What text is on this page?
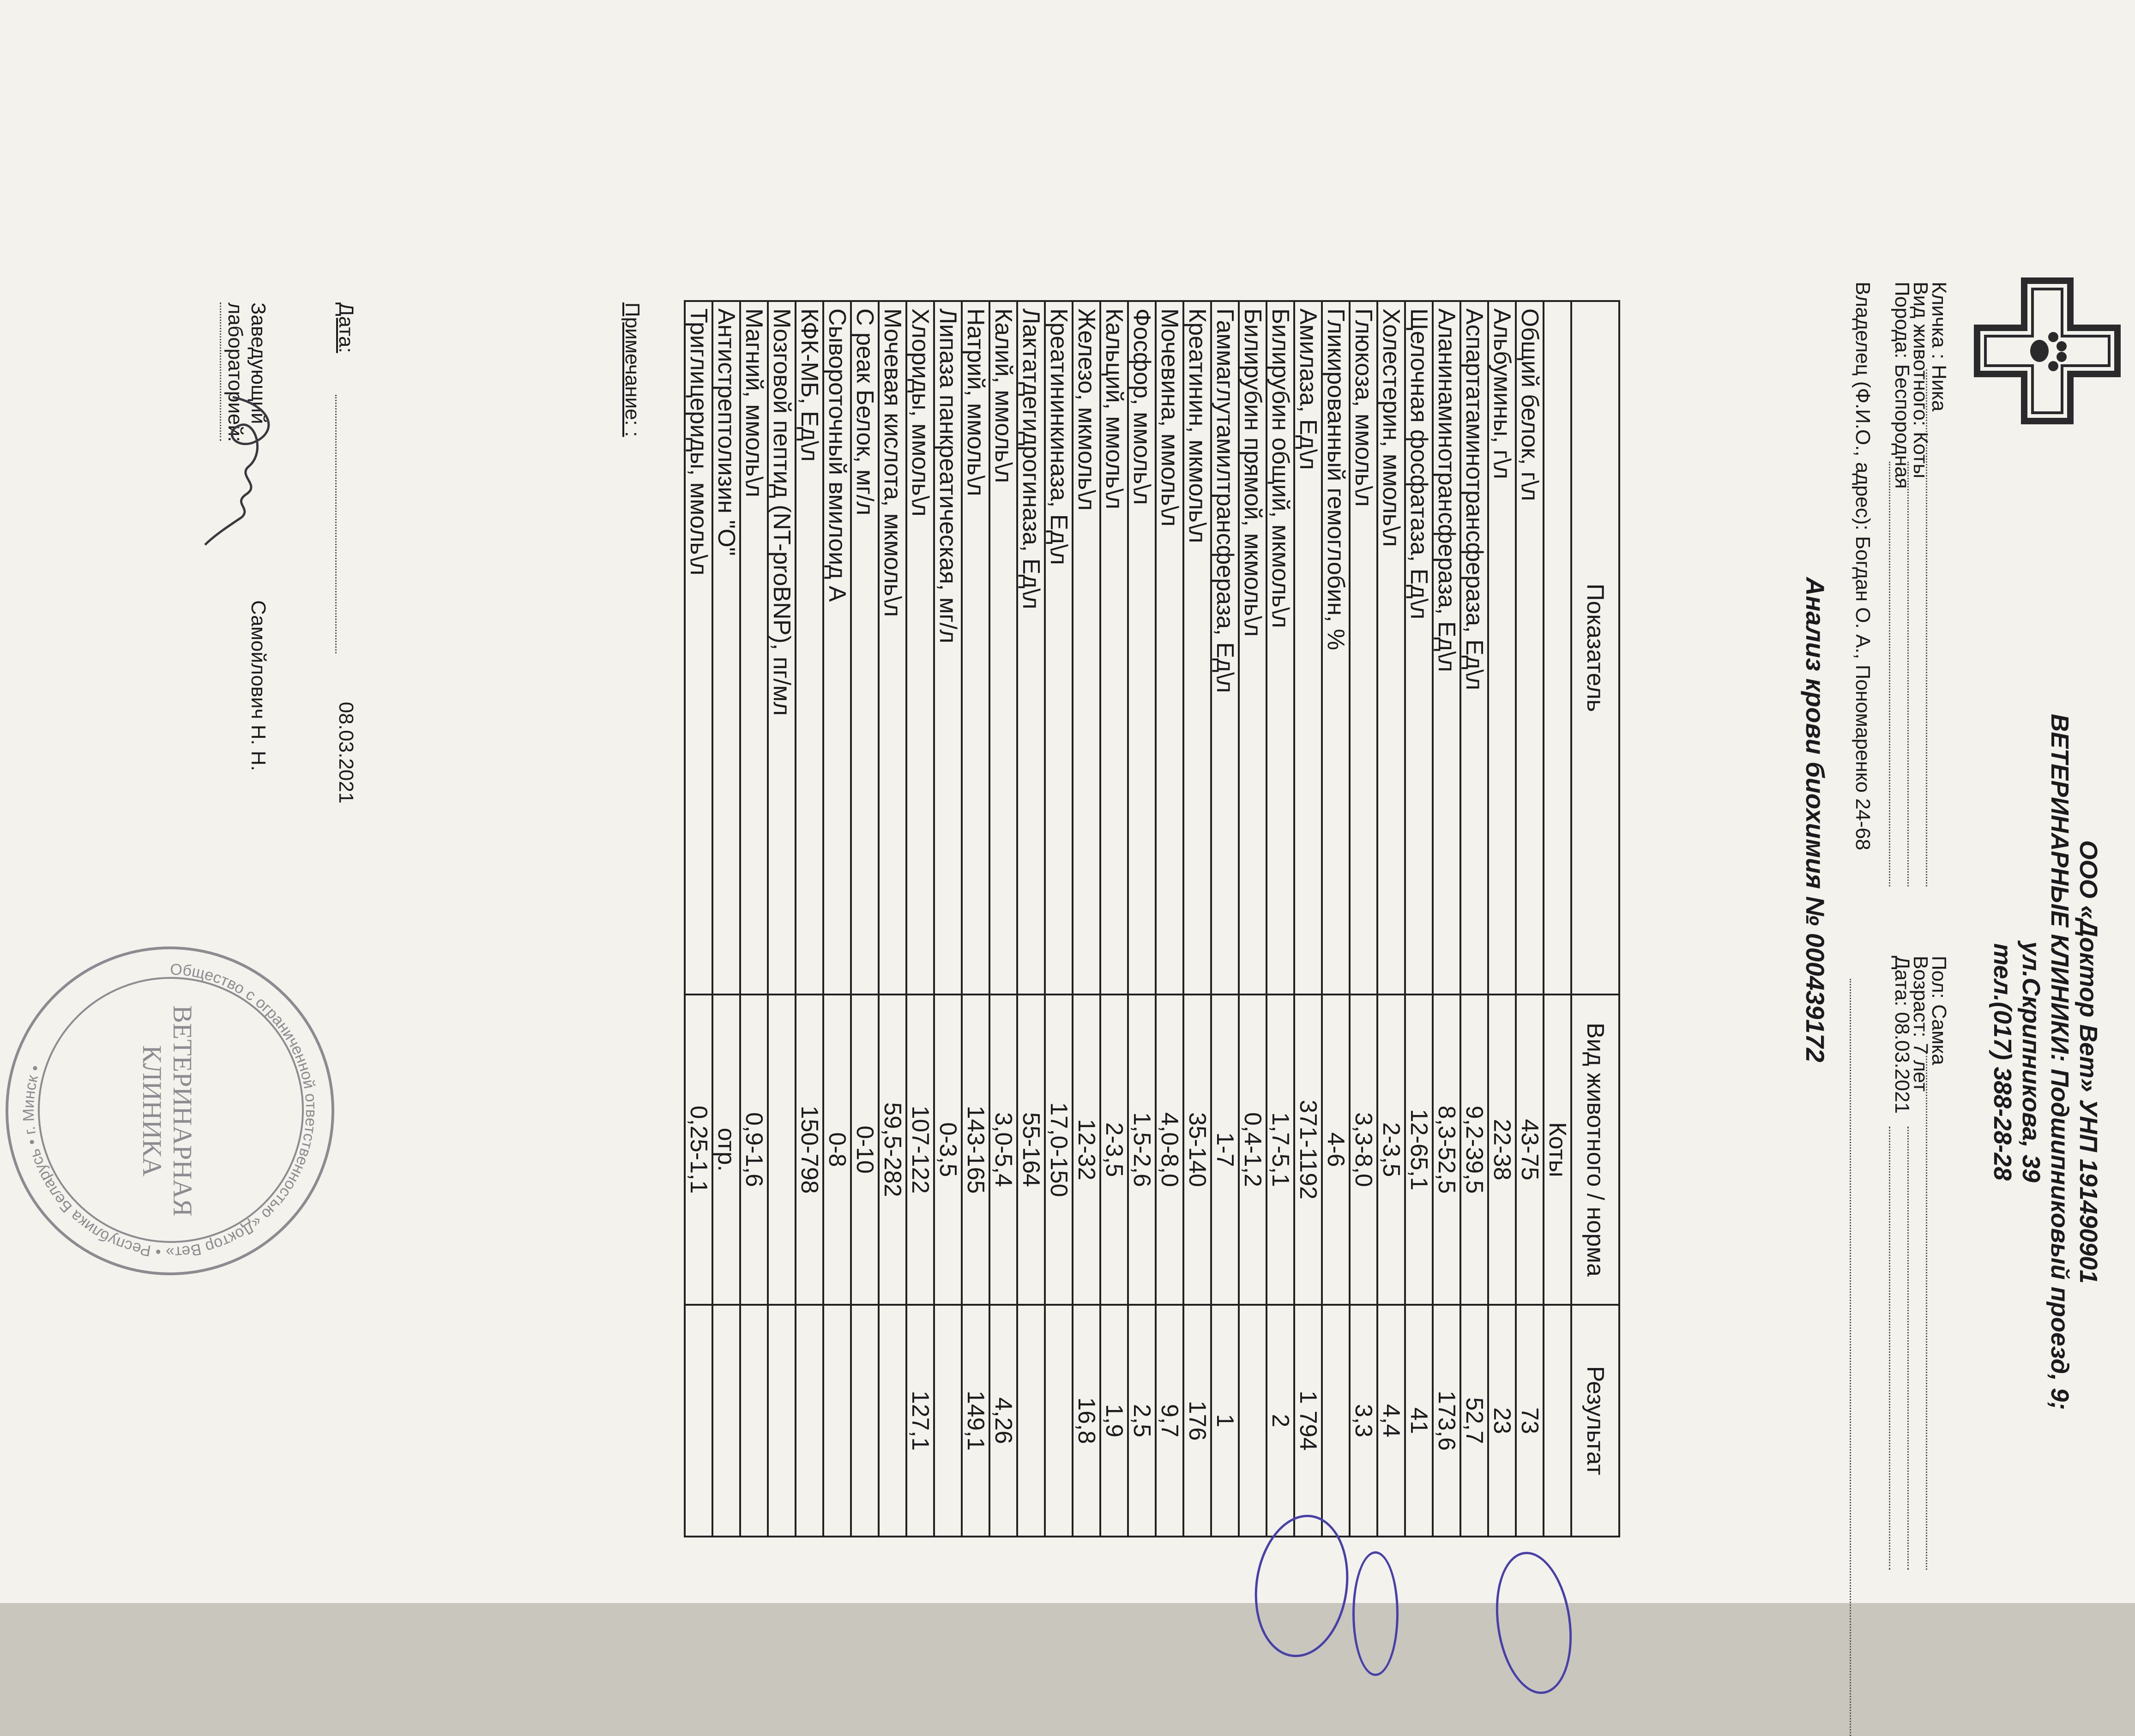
ООО «Доктор Вет» УНП 191490901
ВЕТЕРИНАРНЫЕ КЛИНИКИ: Подшипниковый проезд, 9;
ул.Скрипникова, 39
тел.(017) 388-28-28
Кличка : Ника
Вид животного: Коты
Порода: Беспородная
Пол: Самка
Возраст: 7 лет
Дата: 08.03.2021
Владелец (Ф.И.О., адрес): Богдан О. А., Пономаренко 24-68
Анализ крови биохимия № 000439172
Показатель	Вид животного / норма	Результат
	Коты	
Общий белок, г\л	43-75	73
Альбумины, г\л	22-38	23
Аспартатаминотрансфераза, Ед\л	9,2-39,5	52,7
Аланинаминотрансфераза, Ед\л	8,3-52,5	173,6
Щелочная фосфатаза, Ед\л	12-65,1	41
Холестерин, ммоль\л	2-3,5	4,4
Глюкоза, ммоль\л	3,3-8,0	3,3
Гликированный гемоглобин, %	4-6	
Амилаза, Ед\л	371-1192	1 794
Билирубин общий, мкмоль\л	1,7-5,1	2
Билирубин прямой, мкмоль\л	0,4-1,2	
Гаммаглутамилтрансфераза, Ед\л	1-7	1
Креатинин, мкмоль\л	35-140	176
Мочевина, ммоль\л	4,0-8,0	9,7
Фосфор, ммоль\л	1,5-2,6	2,5
Кальций, ммоль\л	2-3,5	1,9
Железо, мкмоль\л	12-32	16,8
Креатининкиназа, Ед\л	17,0-150	
Лактатдегидрогиназа, Ед\л	55-164	
Калий, ммоль\л	3,0-5,4	4,26
Натрий, ммоль\л	143-165	149,1
Липаза панкреатическая, мг/л	0-3,5	
Хлориды, ммоль\л	107-122	127,1
Мочевая кислота, мкмоль\л	59,5-282	
С реак Белок, мг/л	0-10	
Сывороточный вмилоид А	0-8	
КФК-МБ, Ед\л	150-798	
Мозговой пептид (NT-proBNP), пг/мл		
Магний, ммоль\л	0,9-1,6	
Антистрептолизин "О"	отр.	
Триглицериды, ммоль\л	0,25-1,1	
Примечание: :
Дата:
08.03.2021
Заведующий
лабораторией:
Самойлович Н. Н.
Общество с ограниченной ответственностью «Доктор Вет» • Республика Беларусь • г. Минск •	ВЕТЕРИНАРНАЯ
КЛИНИКА
